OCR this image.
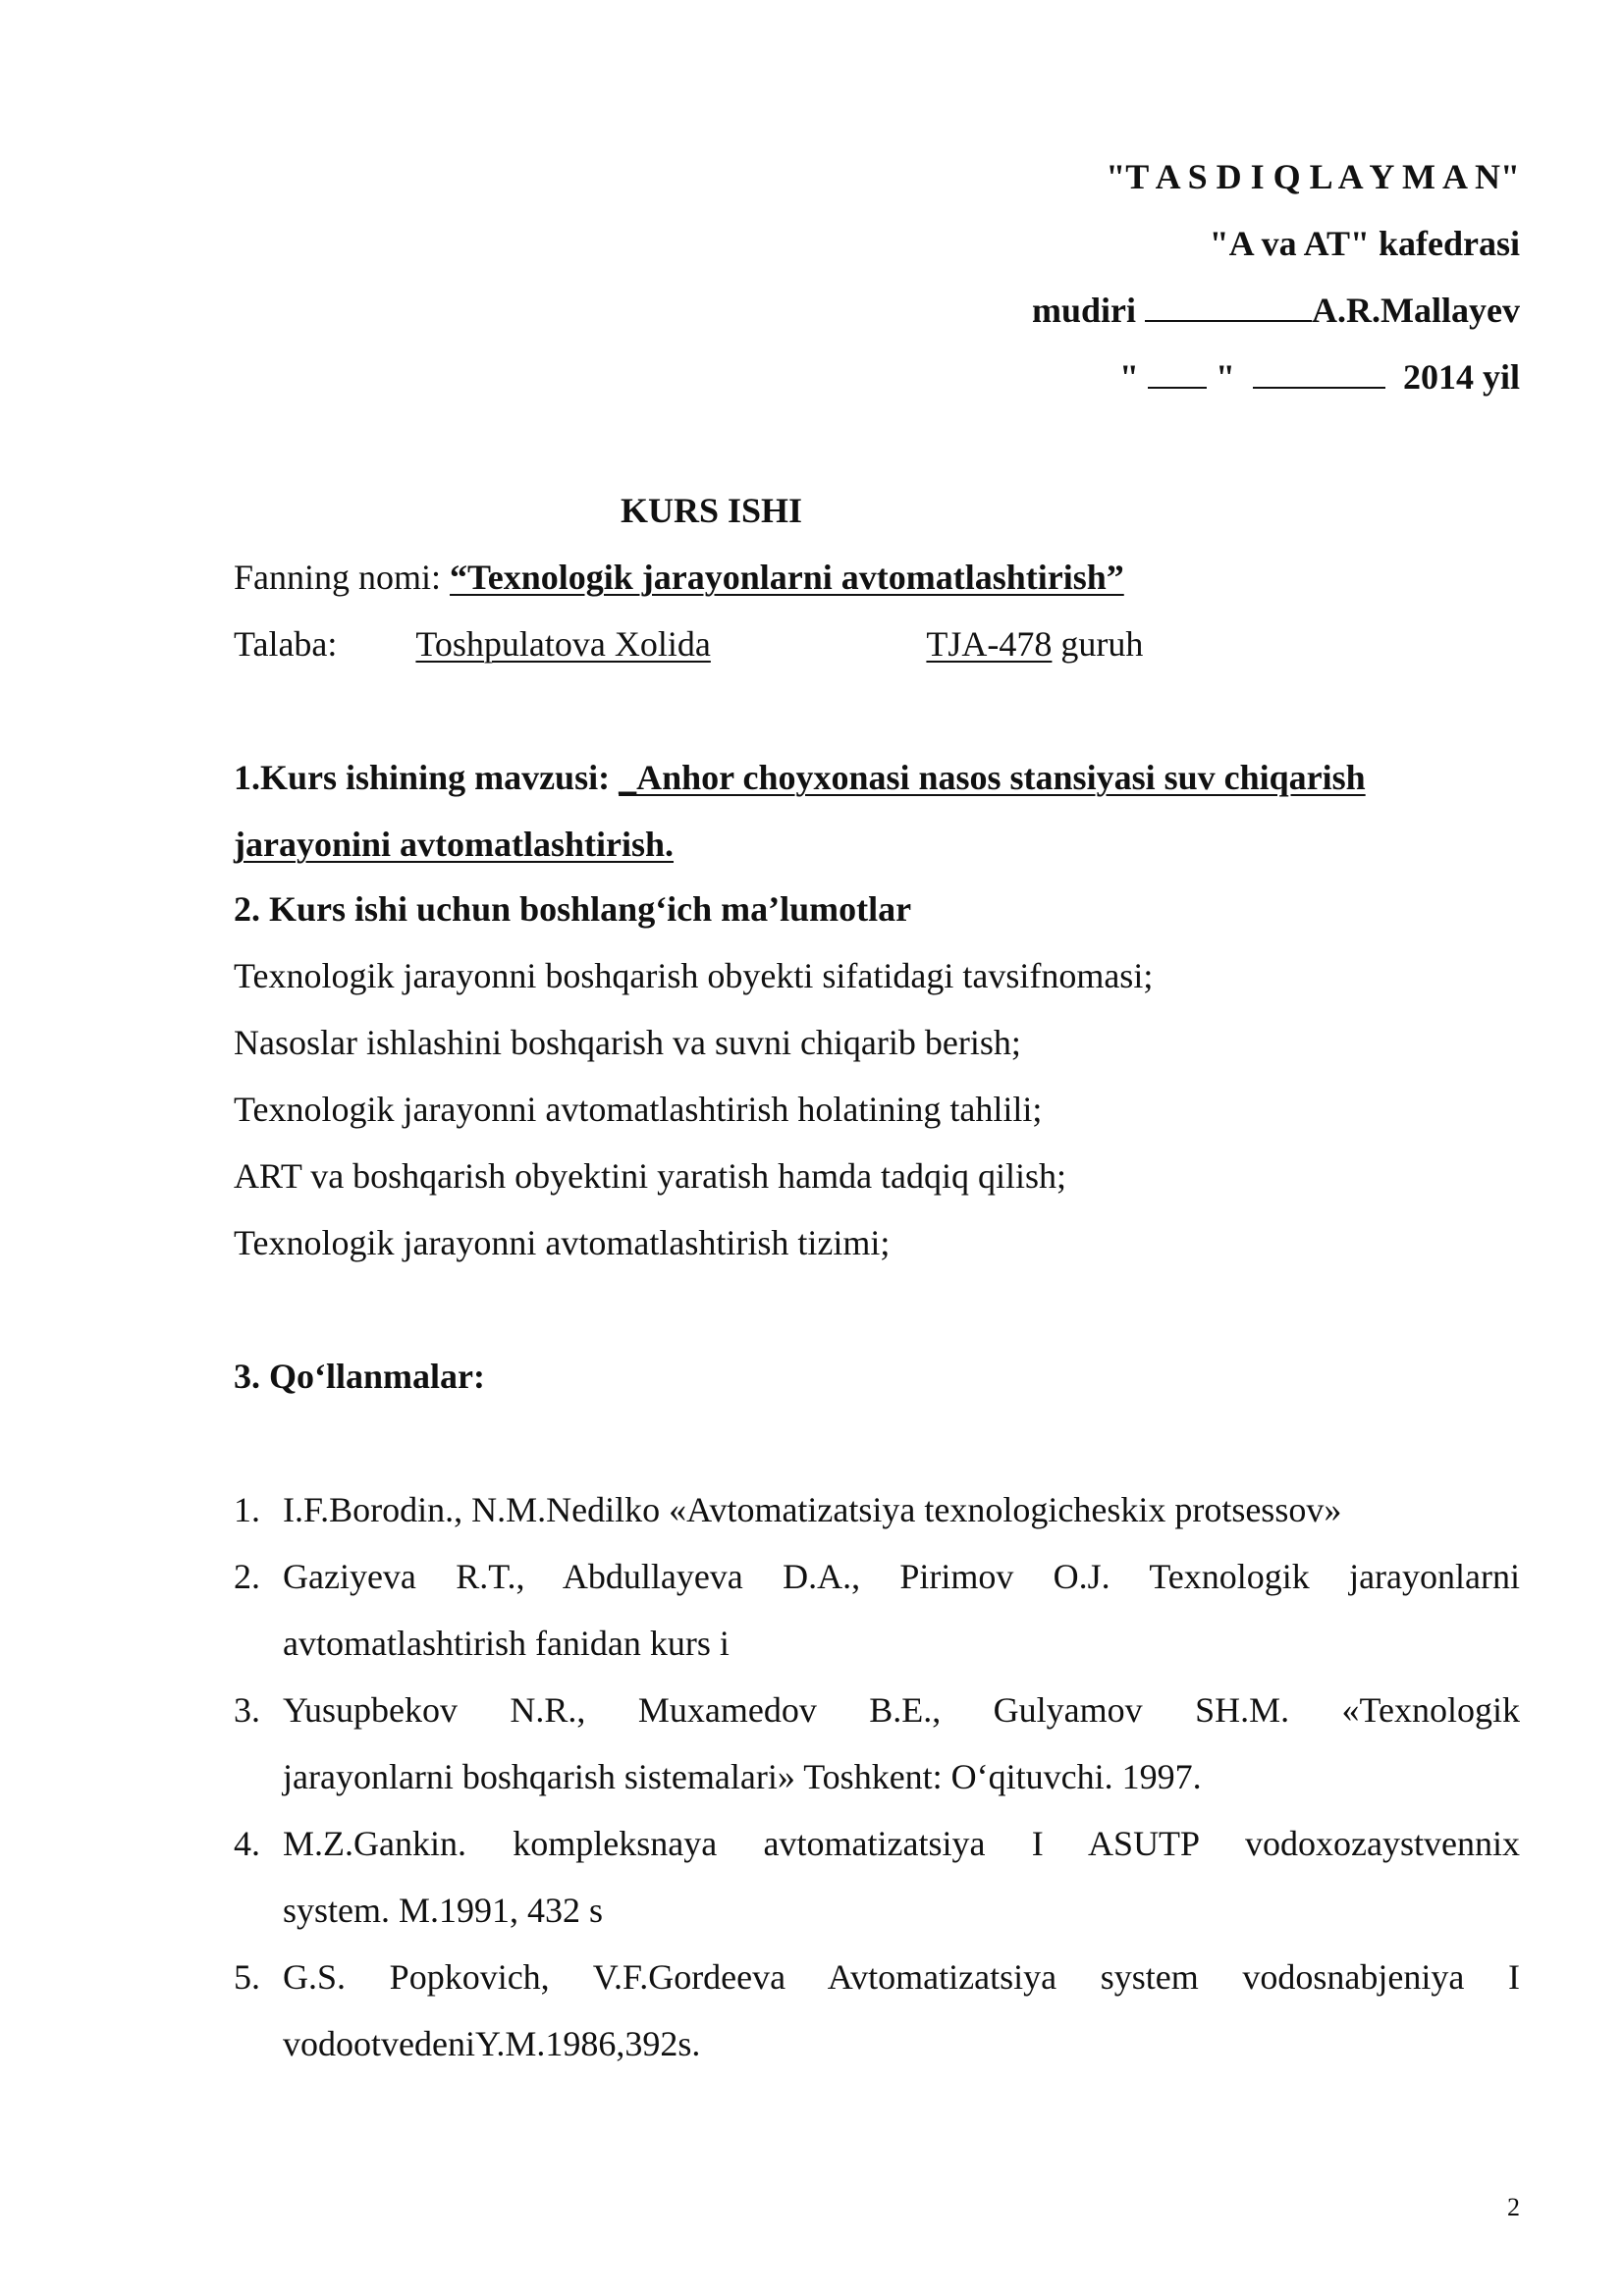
"T A S D I Q L A Y M A N"
"A va AT" kafedrasi
mudiri	A.R.Mallayev
" "	2014 yil
KURS ISHI
Fanning nomi: “Texnologik jarayonlarni avtomatlashtirish”
Talaba: Toshpulatova Xolida	TJA-478 guruh
1.Kurs ishining mavzusi: _Anhor choyxonasi nasos stansiyasi suv chiqarish
jarayonini avtomatlashtirish.
2. Kurs ishi uchun boshlang‘ich ma’lumotlar
Texnologik jarayonni boshqarish obyekti sifatidagi tavsifnomasi;
Nasoslar ishlashini boshqarish va suvni chiqarib berish;
Texnologik jarayonni avtomatlashtirish holatining tahlili;
ART va boshqarish obyektini yaratish hamda tadqiq qilish;
Texnologik jarayonni avtomatlashtirish tizimi;
3. Qo‘llanmalar:
1. I.F.Borodin., N.M.Nedilko «Avtomatizatsiya texnologicheskix protsessov»
2. Gaziyeva R.T., Abdullayeva D.A., Pirimov O.J. Texnologik jarayonlarni
avtomatlashtirish fanidan kurs i
3. Yusupbekov N.R., Muxamedov B.E., Gulyamov SH.M. «Texnologik
jarayonlarni boshqarish sistemalari» Toshkent: O‘qituvchi. 1997.
4. M.Z.Gankin. kompleksnaya avtomatizatsiya I ASUTP vodoxozaystvennix
system. M.1991, 432 s
5. G.S. Popkovich, V.F.Gordeeva Avtomatizatsiya system vodosnabjeniya I
vodootvedeniY.M.1986,392s.
2
